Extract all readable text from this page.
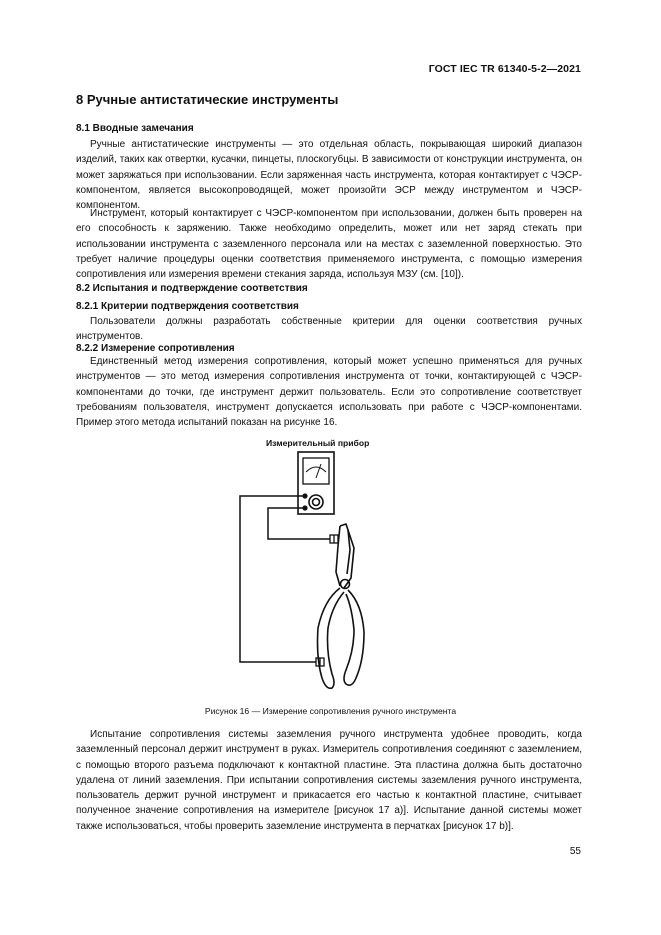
ГОСТ IEC TR 61340-5-2—2021
8 Ручные антистатические инструменты
8.1 Вводные замечания

Ручные антистатические инструменты — это отдельная область, покрывающая широкий диапазон изделий, таких как отвертки, кусачки, пинцеты, плоскогубцы. В зависимости от конструкции инструмента, он может заряжаться при использовании. Если заряженная часть инструмента, которая контактирует с ЧЭСР-компонентом, является высокопроводящей, может произойти ЭСР между инструментом и ЧЭСР-компонентом.

Инструмент, который контактирует с ЧЭСР-компонентом при использовании, должен быть проверен на его способность к заряжению. Также необходимо определить, может или нет заряд стекать при использовании инструмента с заземленного персонала или на местах с заземленной поверхностью. Это требует наличие процедуры оценки соответствия применяемого инструмента, с помощью измерения сопротивления или измерения времени стекания заряда, используя МЗУ (см. [10]).

8.2 Испытания и подтверждение соответствия
8.2.1 Критерии подтверждения соответствия

Пользователи должны разработать собственные критерии для оценки соответствия ручных инструментов.

8.2.2 Измерение сопротивления

Единственный метод измерения сопротивления, который может успешно применяться для ручных инструментов — это метод измерения сопротивления инструмента от точки, контактирующей с ЧЭСР-компонентами до точки, где инструмент держит пользователь. Если это сопротивление соответствует требованиям пользователя, инструмент допускается использовать при работе с ЧЭСР-компонентами. Пример этого метода испытаний показан на рисунке 16.

Измерительный прибор
Рисунок 16 — Измерение сопротивления ручного инструмента

Испытание сопротивления системы заземления ручного инструмента удобнее проводить, когда заземленный персонал держит инструмент в руках. Измеритель сопротивления соединяют с заземлением, с помощью второго разъема подключают к контактной пластине. Эта пластина должна быть достаточно удалена от линий заземления. При испытании сопротивления системы заземления ручного инструмента, пользователь держит ручной инструмент и прикасается его частью к контактной пластине, считывает полученное значение сопротивления на измерителе [рисунок 17 а)]. Испытание данной системы может также использоваться, чтобы проверить заземление инструмента в перчатках [рисунок 17 b)].

55
